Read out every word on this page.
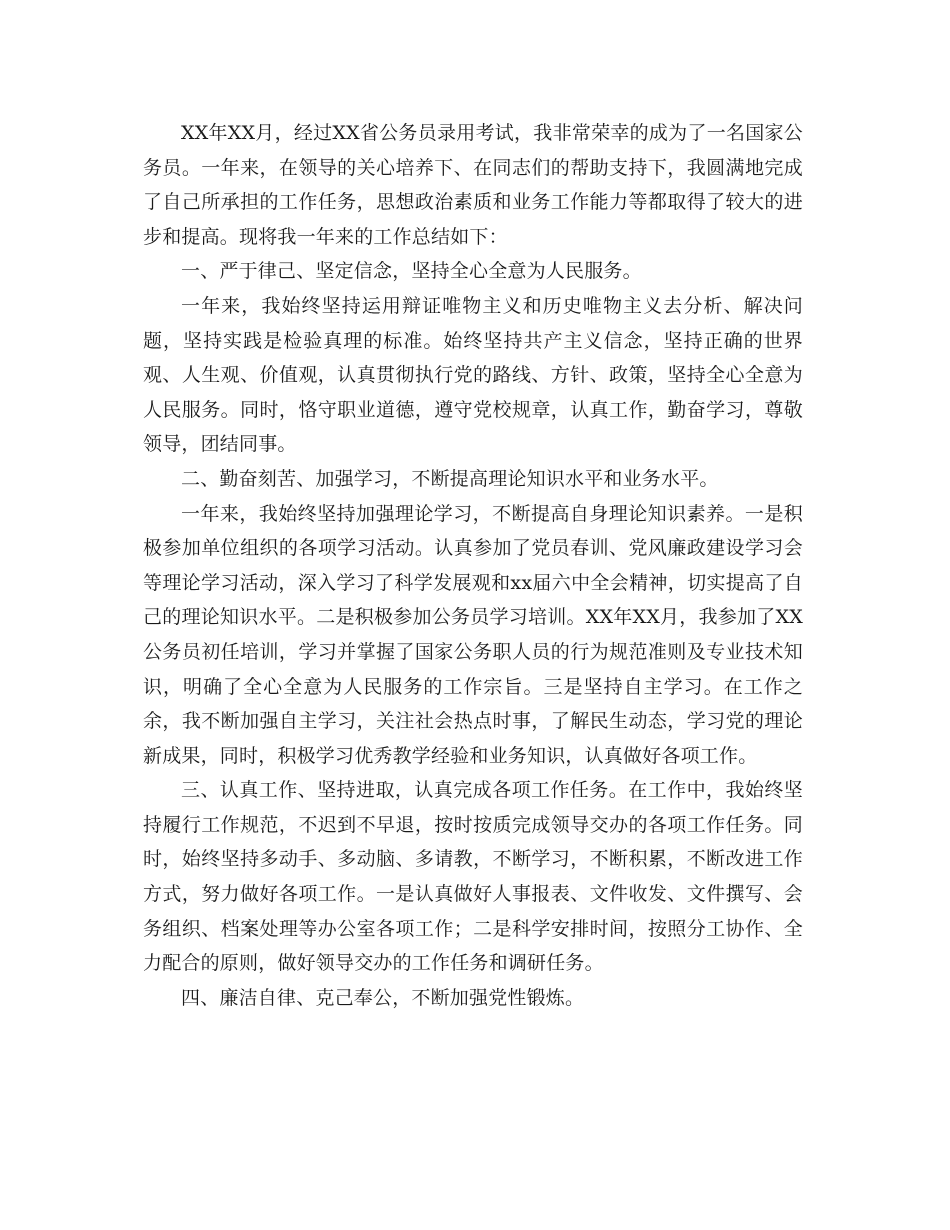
XX年XX月，经过XX省公务员录用考试，我非常荣幸的成为了一名国家公务员。一年来，在领导的关心培养下、在同志们的帮助支持下，我圆满地完成了自己所承担的工作任务，思想政治素质和业务工作能力等都取得了较大的进步和提高。现将我一年来的工作总结如下：

一、严于律己、坚定信念，坚持全心全意为人民服务。

一年来，我始终坚持运用辩证唯物主义和历史唯物主义去分析、解决问题，坚持实践是检验真理的标准。始终坚持共产主义信念，坚持正确的世界观、人生观、价值观，认真贯彻执行党的路线、方针、政策，坚持全心全意为人民服务。同时，恪守职业道德，遵守党校规章，认真工作，勤奋学习，尊敬领导，团结同事。

二、勤奋刻苦、加强学习，不断提高理论知识水平和业务水平。

一年来，我始终坚持加强理论学习，不断提高自身理论知识素养。一是积极参加单位组织的各项学习活动。认真参加了党员春训、党风廉政建设学习会等理论学习活动，深入学习了科学发展观和xx届六中全会精神，切实提高了自己的理论知识水平。二是积极参加公务员学习培训。XX年XX月，我参加了XX公务员初任培训，学习并掌握了国家公务职人员的行为规范准则及专业技术知识，明确了全心全意为人民服务的工作宗旨。三是坚持自主学习。在工作之余，我不断加强自主学习，关注社会热点时事，了解民生动态，学习党的理论新成果，同时，积极学习优秀教学经验和业务知识，认真做好各项工作。

三、认真工作、坚持进取，认真完成各项工作任务。在工作中，我始终坚持履行工作规范，不迟到不早退，按时按质完成领导交办的各项工作任务。同时，始终坚持多动手、多动脑、多请教，不断学习，不断积累，不断改进工作方式，努力做好各项工作。一是认真做好人事报表、文件收发、文件撰写、会务组织、档案处理等办公室各项工作；二是科学安排时间，按照分工协作、全力配合的原则，做好领导交办的工作任务和调研任务。

四、廉洁自律、克己奉公，不断加强党性锻炼。
